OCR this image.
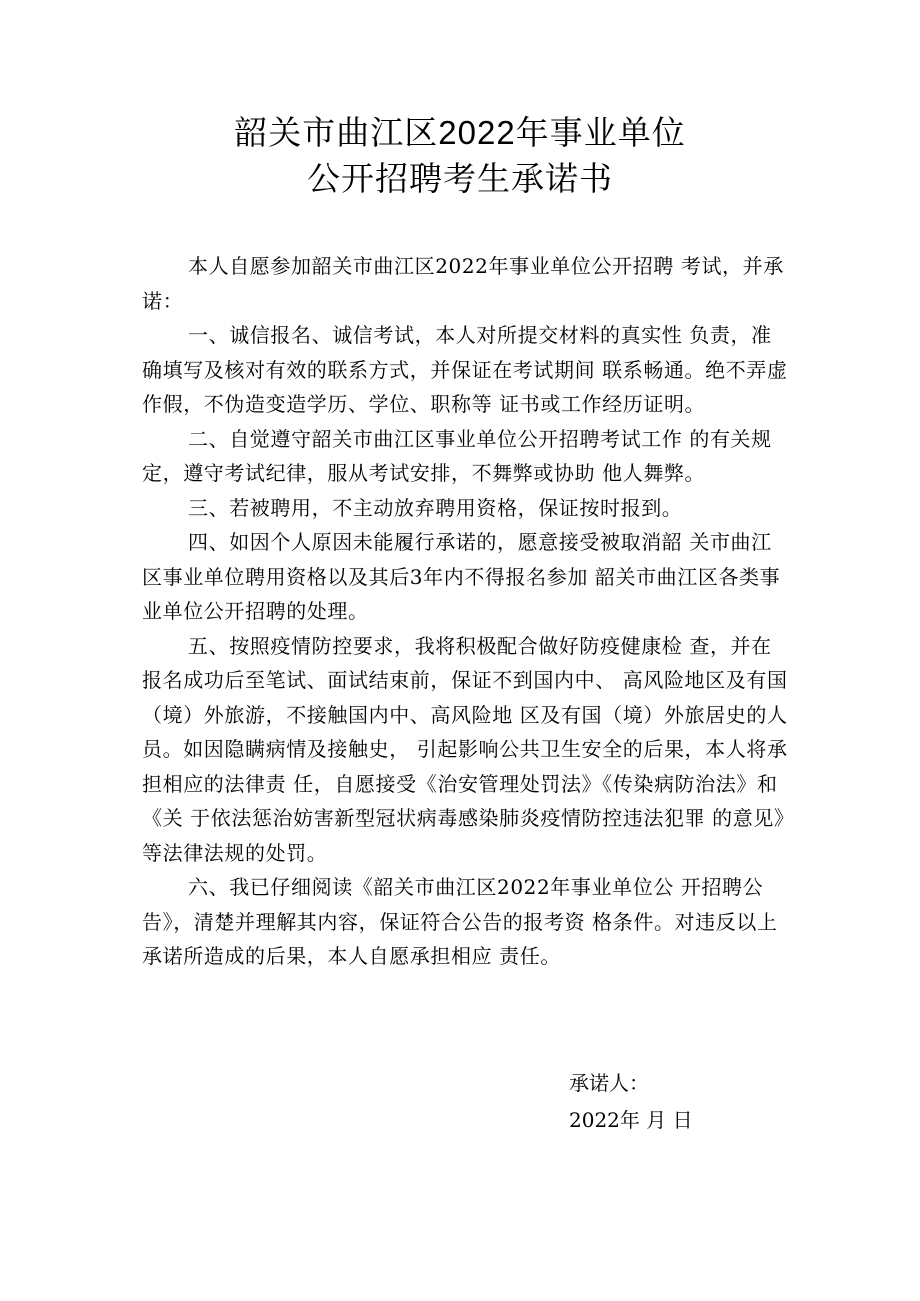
韶关市曲江区2022年事业单位
公开招聘考生承诺书

本人自愿参加韶关市曲江区2022年事业单位公开招聘 考试，并承诺：

一、诚信报名、诚信考试，本人对所提交材料的真实性 负责，准确填写及核对有效的联系方式，并保证在考试期间 联系畅通。绝不弄虚作假，不伪造变造学历、学位、职称等 证书或工作经历证明。

二、自觉遵守韶关市曲江区事业单位公开招聘考试工作 的有关规定，遵守考试纪律，服从考试安排，不舞弊或协助 他人舞弊。

三、若被聘用，不主动放弃聘用资格，保证按时报到。

四、如因个人原因未能履行承诺的，愿意接受被取消韶 关市曲江区事业单位聘用资格以及其后3年内不得报名参加 韶关市曲江区各类事业单位公开招聘的处理。

五、按照疫情防控要求，我将积极配合做好防疫健康检 查，并在报名成功后至笔试、面试结束前，保证不到国内中、 高风险地区及有国（境）外旅游，不接触国内中、高风险地 区及有国（境）外旅居史的人员。如因隐瞒病情及接触史， 引起影响公共卫生安全的后果，本人将承担相应的法律责 任，自愿接受《治安管理处罚法》《传染病防治法》和《关 于依法惩治妨害新型冠状病毒感染肺炎疫情防控违法犯罪 的意见》等法律法规的处罚。

六、我已仔细阅读《韶关市曲江区2022年事业单位公 开招聘公告》，清楚并理解其内容，保证符合公告的报考资 格条件。对违反以上承诺所造成的后果，本人自愿承担相应 责任。

承诺人：
2022年 月 日
